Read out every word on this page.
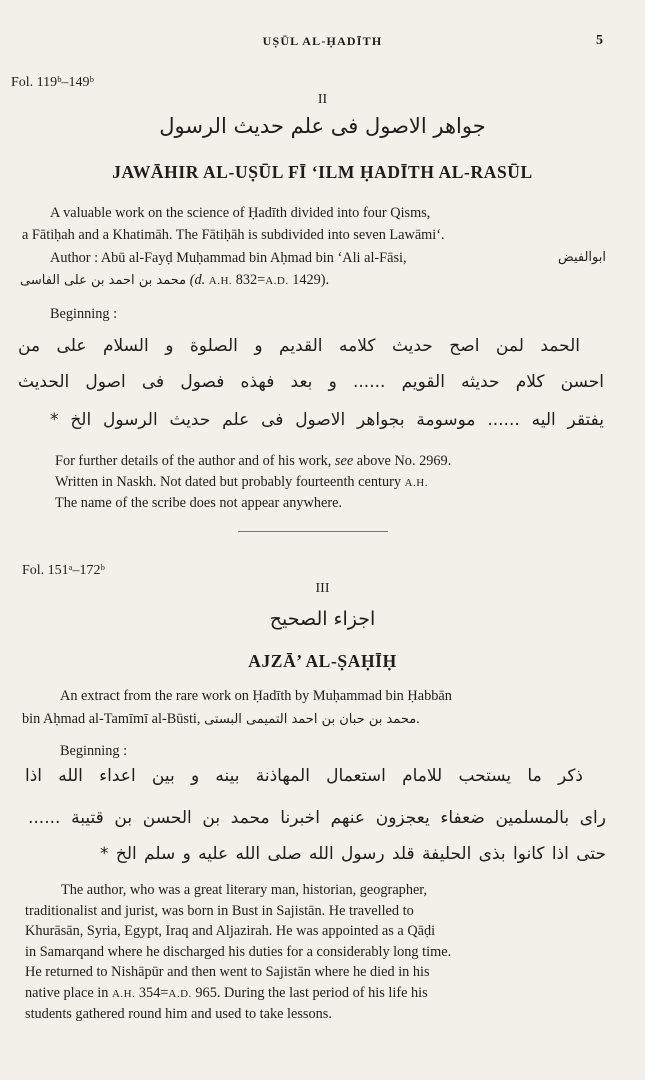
UṢŪL AL-ḤADĪTH	5
Fol. 119ᵇ–149ᵇ
II
جواهر الاصول فی علم حدیث الرسول
JAWĀHIR AL-UṢŪL FĪ ‘ILM ḤADĪTH AL-RASŪL
A valuable work on the science of Ḥadīth divided into four Qisms,
a Fātiḥah and a Khatimāh. The Fātiḥāh is subdivided into seven Lawāmi‘.
Author : Abū al-Fayḍ Muḥammad bin Aḥmad bin ‘Ali al-Fāsi,	ابوالفیض
محمد بن احمد بن علی الفاسی (d. A.H. 832=A.D. 1429).
Beginning :
الحمد لمن اصح حدیث کلامه القدیم و الصلوة و السلام علی من
احسن کلام حدیثه القویم ...... و بعد فهذه فصول فی اصول الحدیث
یفتقر الیه ...... موسومة بجواهر الاصول فی علم حدیث الرسول الخ *
For further details of the author and of his work, see above No. 2969.
Written in Naskh. Not dated but probably fourteenth century A.H.
The name of the scribe does not appear anywhere.
Fol. 151ᵃ–172ᵇ
III
اجزاء الصحیح
AJZĀ’ AL-ṢAḤĪḤ
An extract from the rare work on Ḥadīth by Muḥammad bin Ḥabbān
bin Aḥmad al-Tamīmī al-Būsti, محمد بن حبان بن احمد التمیمی البستی.
Beginning :
ذکر ما یستحب للامام استعمال المهاذنة بینه و بین اعداء الله اذا
رای بالمسلمین ضعفاء یعجزون عنهم اخبرنا محمد بن الحسن بن قتیبة ......
حتی اذا کانوا بذی الحلیفة قلد رسول الله صلی الله علیه و سلم الخ *
The author, who was a great literary man, historian, geographer,
traditionalist and jurist, was born in Bust in Sajistān. He travelled to
Khurāsān, Syria, Egypt, Iraq and Aljazirah. He was appointed as a Qāḍi
in Samarqand where he discharged his duties for a considerably long time.
He returned to Nishāpūr and then went to Sajistān where he died in his
native place in A.H. 354=A.D. 965. During the last period of his life his
students gathered round him and used to take lessons.
